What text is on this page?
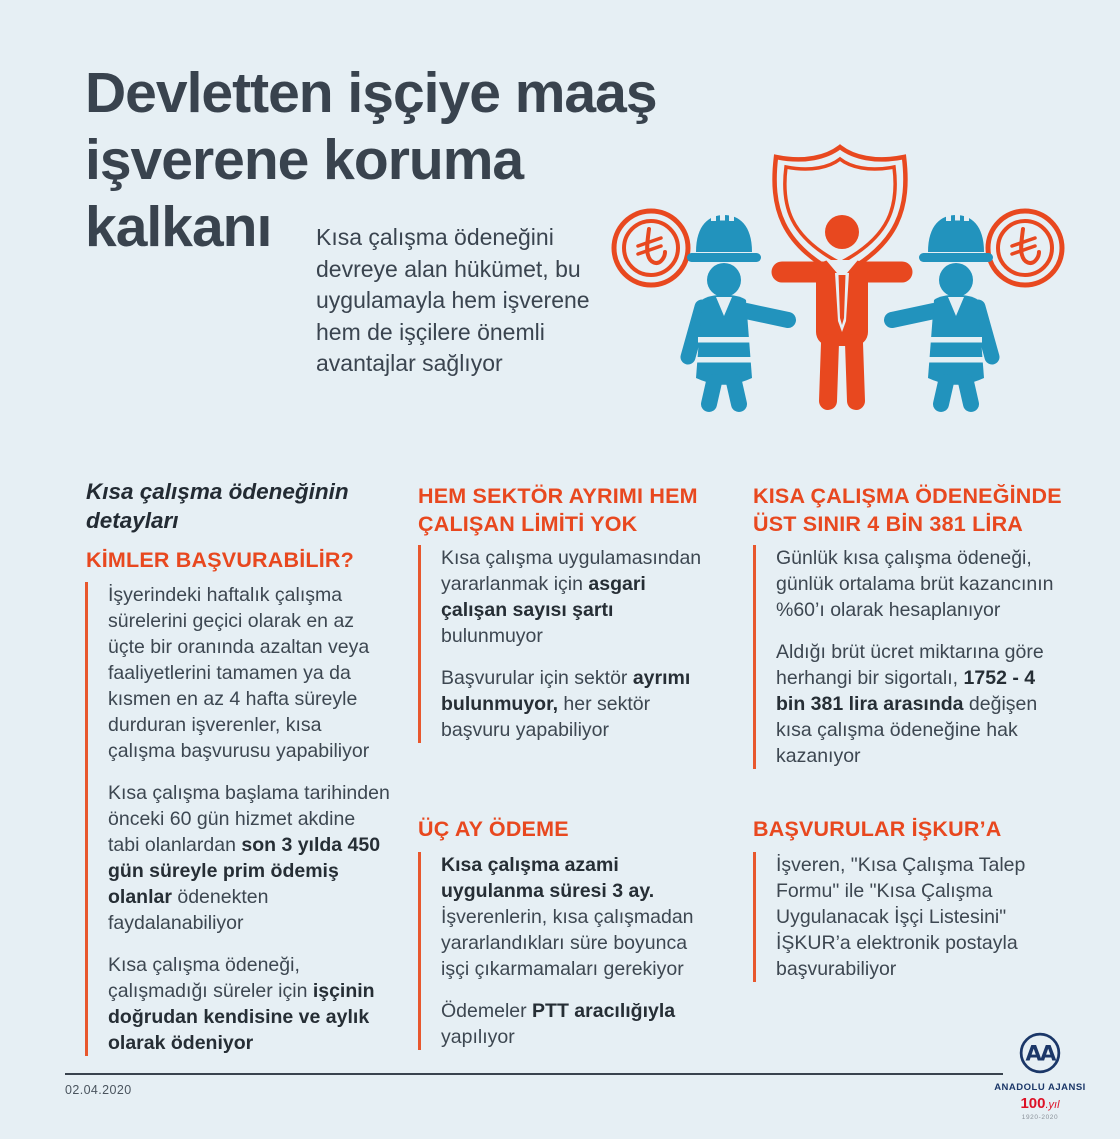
Devletten işçiye maaş
işverene koruma
kalkanı	Kısa çalışma ödeneğini devreye alan hükümet, bu uygulamayla hem işverene hem de işçilere önemli avantajlar sağlıyor

Kısa çalışma ödeneğinin detayları
KİMLER BAŞVURABİLİR?

İşyerindeki haftalık çalışma sürelerini geçici olarak en az üçte bir oranında azaltan veya faaliyetlerini tamamen ya da kısmen en az 4 hafta süreyle durduran işverenler, kısa çalışma başvurusu yapabiliyor

Kısa çalışma başlama tarihinden önceki 60 gün hizmet akdine tabi olanlardan son 3 yılda 450 gün süreyle prim ödemiş olanlar ödenekten faydalanabiliyor

Kısa çalışma ödeneği, çalışmadığı süreler için işçinin doğrudan kendisine ve aylık olarak ödeniyor

HEM SEKTÖR AYRIMI HEM ÇALIŞAN LİMİTİ YOK

Kısa çalışma uygulamasından yararlanmak için asgari çalışan sayısı şartı bulunmuyor

Başvurular için sektör ayrımı bulunmuyor, her sektör başvuru yapabiliyor

ÜÇ AY ÖDEME

Kısa çalışma azami uygulanma süresi 3 ay. İşverenlerin, kısa çalışmadan yararlandıkları süre boyunca işçi çıkarmamaları gerekiyor

Ödemeler PTT aracılığıyla yapılıyor

KISA ÇALIŞMA ÖDENEĞİNDE ÜST SINIR 4 BİN 381 LİRA

Günlük kısa çalışma ödeneği, günlük ortalama brüt kazancının %60’ı olarak hesaplanıyor

Aldığı brüt ücret miktarına göre herhangi bir sigortalı, 1752 - 4 bin 381 lira arasında değişen kısa çalışma ödeneğine hak kazanıyor

BAŞVURULAR İŞKUR’A

İşveren, "Kısa Çalışma Talep Formu" ile "Kısa Çalışma Uygulanacak İşçi Listesini" İŞKUR’a elektronik postayla başvurabiliyor

02.04.2020
AA
ANADOLU AJANSI
100.yıl
1920-2020
